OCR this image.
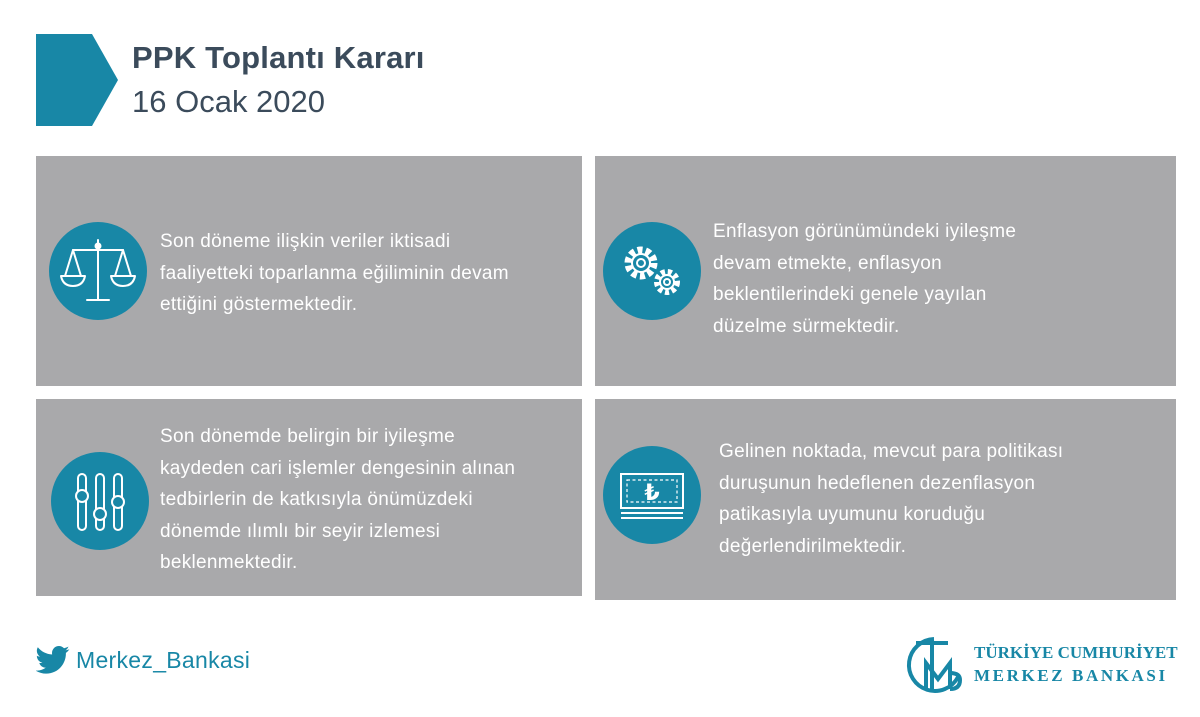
PPK Toplantı Kararı
16 Ocak 2020
Son döneme ilişkin veriler iktisadi
faaliyetteki toparlanma eğiliminin devam
ettiğini göstermektedir.
Enflasyon görünümündeki iyileşme
devam etmekte, enflasyon
beklentilerindeki genele yayılan
düzelme sürmektedir.
Son dönemde belirgin bir iyileşme
kaydeden cari işlemler dengesinin alınan
tedbirlerin de katkısıyla önümüzdeki
dönemde ılımlı bir seyir izlemesi
beklenmektedir.
₺
Gelinen noktada, mevcut para politikası
duruşunun hedeflenen dezenflasyon
patikasıyla uyumunu koruduğu
değerlendirilmektedir.
Merkez_Bankasi	TÜRKİYE CUMHURİYET
MERKEZ BANKASI
